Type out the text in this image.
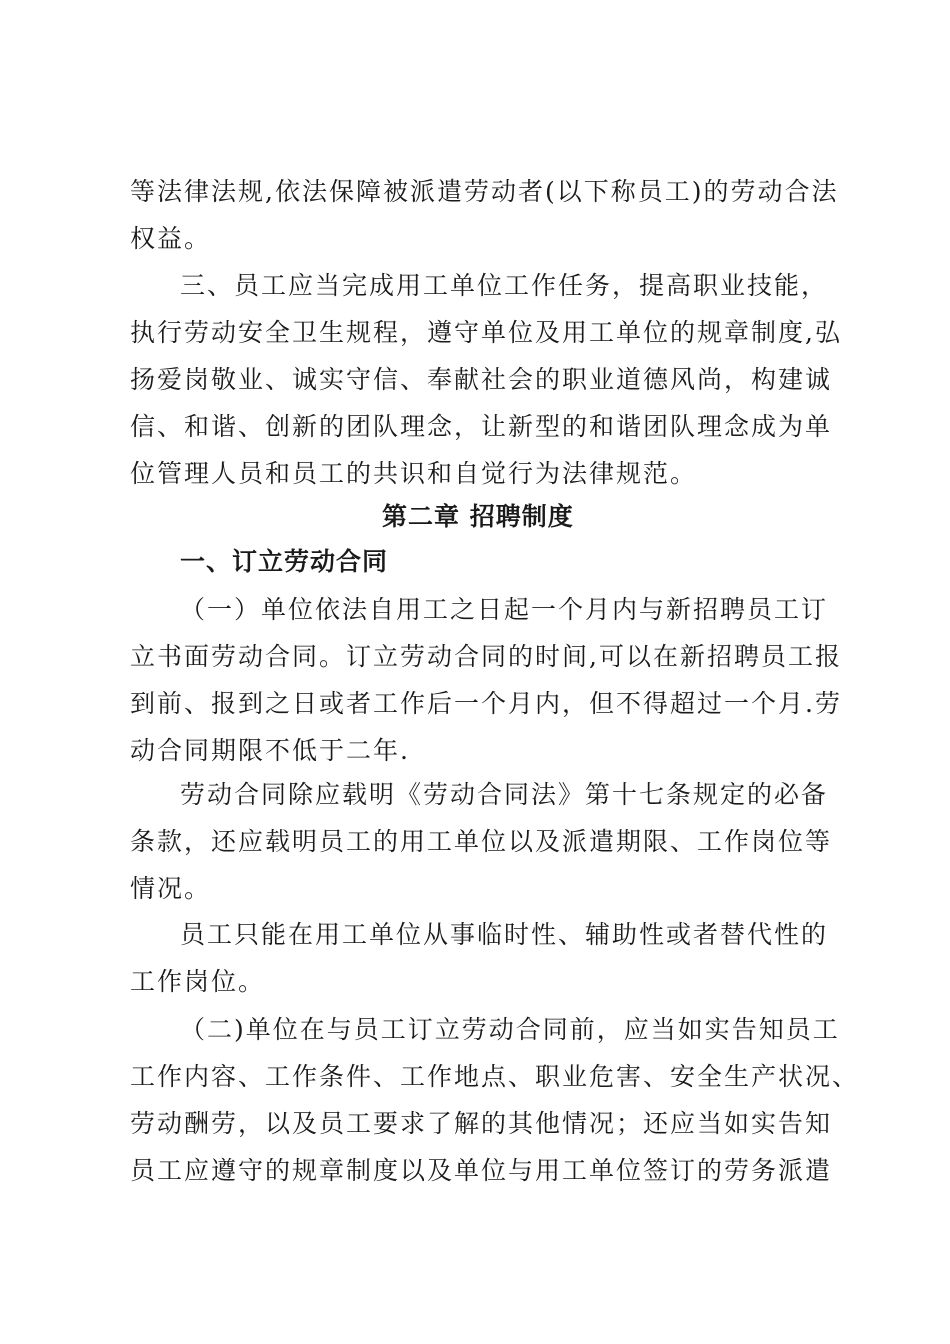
等法律法规,依法保障被派遣劳动者(以下称员工)的劳动合法
权益。
三、员工应当完成用工单位工作任务，提高职业技能，
执行劳动安全卫生规程，遵守单位及用工单位的规章制度,弘
扬爱岗敬业、诚实守信、奉献社会的职业道德风尚，构建诚
信、和谐、创新的团队理念，让新型的和谐团队理念成为单
位管理人员和员工的共识和自觉行为法律规范。
第二章 招聘制度
一、订立劳动合同
（一）单位依法自用工之日起一个月内与新招聘员工订
立书面劳动合同。订立劳动合同的时间,可以在新招聘员工报
到前、报到之日或者工作后一个月内，但不得超过一个月.劳
动合同期限不低于二年.
劳动合同除应载明《劳动合同法》第十七条规定的必备
条款，还应载明员工的用工单位以及派遣期限、工作岗位等
情况。
员工只能在用工单位从事临时性、辅助性或者替代性的
工作岗位。
（二)单位在与员工订立劳动合同前，应当如实告知员工
工作内容、工作条件、工作地点、职业危害、安全生产状况、
劳动酬劳，以及员工要求了解的其他情况；还应当如实告知
员工应遵守的规章制度以及单位与用工单位签订的劳务派遣
